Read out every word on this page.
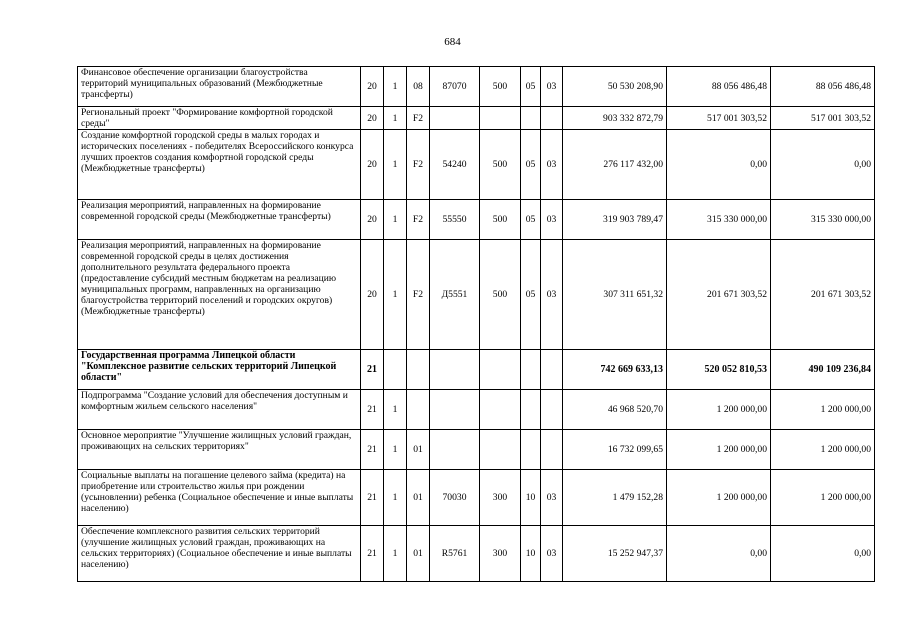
684
Финансовое обеспечение организации благоустройства территорий муниципальных образований (Межбюджетные трансферты)	20	1	08	87070	500	05	03	50 530 208,90	88 056 486,48	88 056 486,48
Региональный проект "Формирование комфортной городской среды"	20	1	F2					903 332 872,79	517 001 303,52	517 001 303,52
Создание комфортной городской среды в малых городах и исторических поселениях - победителях Всероссийского конкурса лучших проектов создания комфортной городской среды (Межбюджетные трансферты)	20	1	F2	54240	500	05	03	276 117 432,00	0,00	0,00
Реализация мероприятий, направленных на формирование современной городской среды (Межбюджетные трансферты)	20	1	F2	55550	500	05	03	319 903 789,47	315 330 000,00	315 330 000,00
Реализация мероприятий, направленных на формирование современной городской среды в целях достижения дополнительного результата федерального проекта (предоставление субсидий местным бюджетам на реализацию муниципальных программ, направленных на организацию благоустройства территорий поселений и городских округов) (Межбюджетные трансферты)	20	1	F2	Д5551	500	05	03	307 311 651,32	201 671 303,52	201 671 303,52
Государственная программа Липецкой области "Комплексное развитие сельских территорий Липецкой области"	21							742 669 633,13	520 052 810,53	490 109 236,84
Подпрограмма "Создание условий для обеспечения доступным и комфортным жильем сельского населения"	21	1						46 968 520,70	1 200 000,00	1 200 000,00
Основное мероприятие "Улучшение жилищных условий граждан, проживающих на сельских территориях"	21	1	01					16 732 099,65	1 200 000,00	1 200 000,00
Социальные выплаты на погашение целевого займа (кредита) на приобретение или строительство жилья при рождении (усыновлении) ребенка (Социальное обеспечение и иные выплаты населению)	21	1	01	70030	300	10	03	1 479 152,28	1 200 000,00	1 200 000,00
Обеспечение комплексного развития сельских территорий (улучшение жилищных условий граждан, проживающих на сельских территориях) (Социальное обеспечение и иные выплаты населению)	21	1	01	R5761	300	10	03	15 252 947,37	0,00	0,00
